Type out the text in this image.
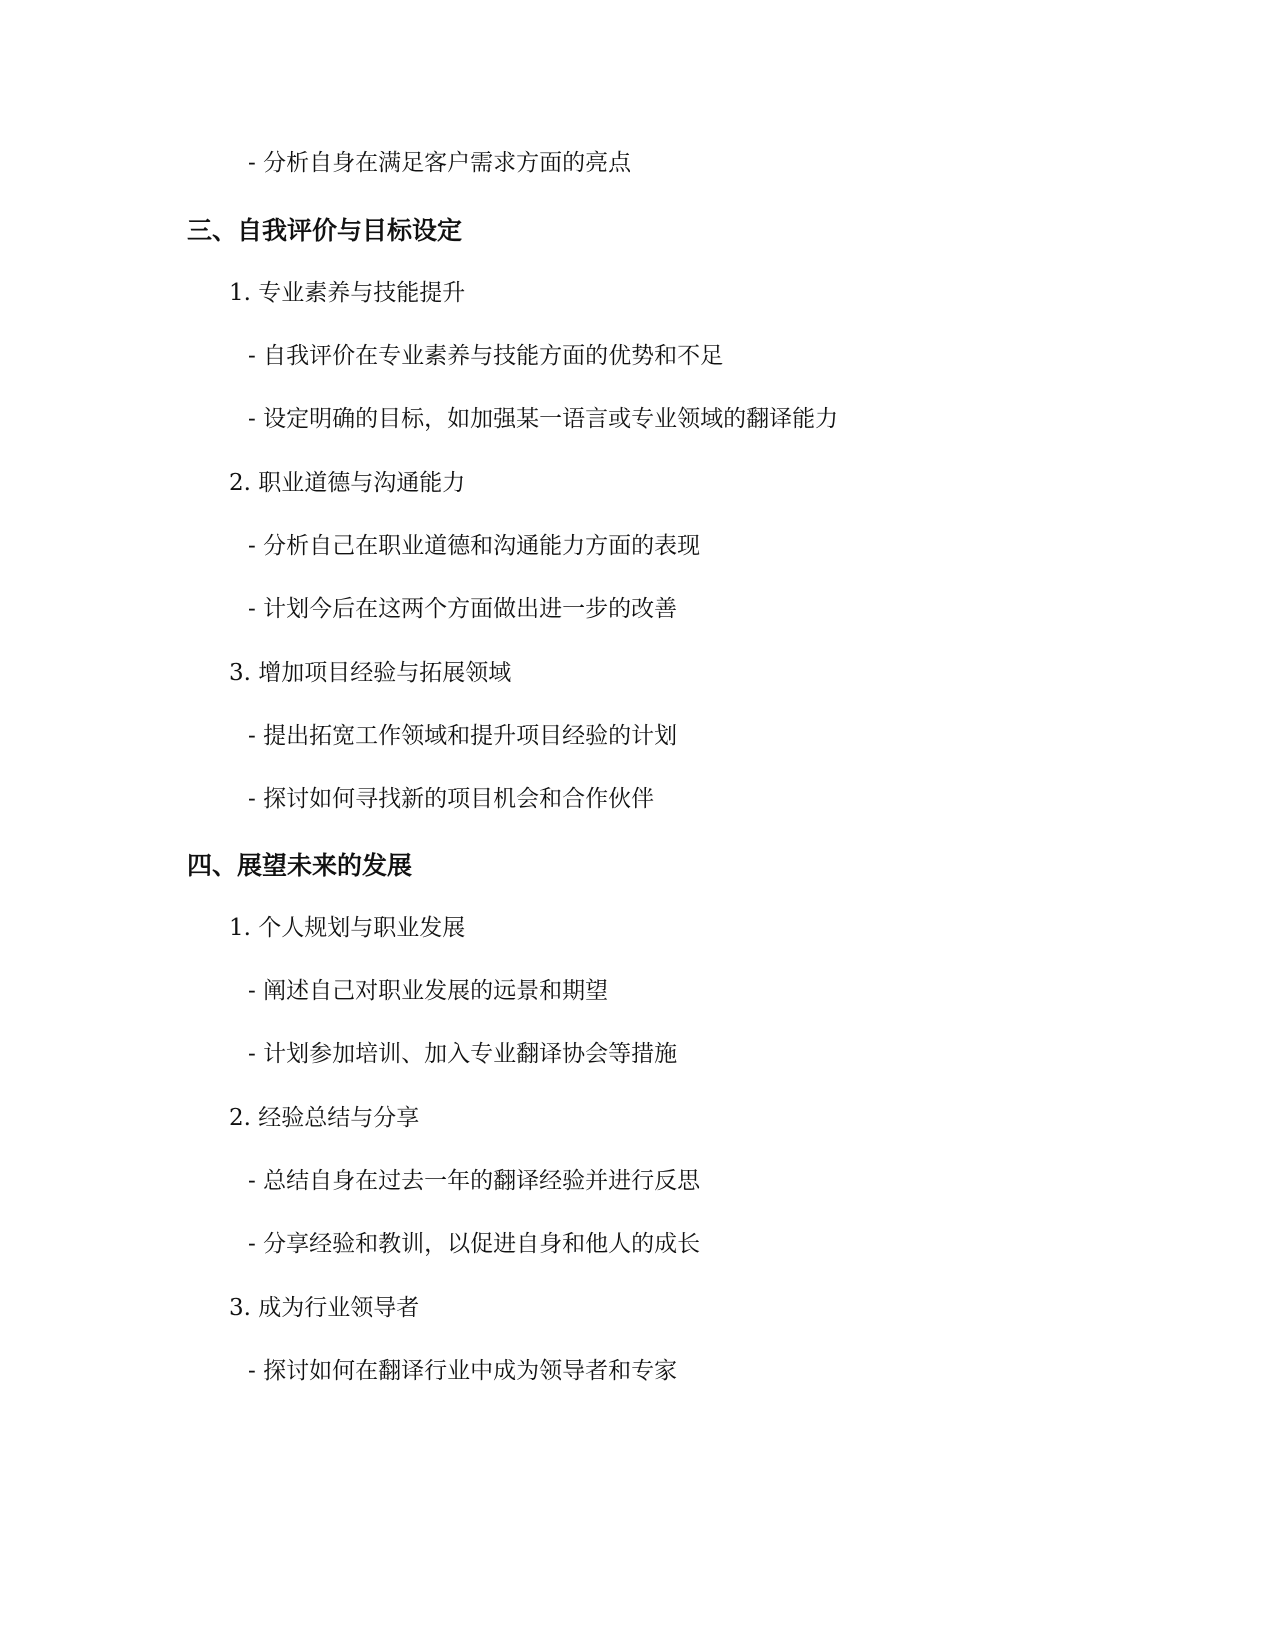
- 分析自身在满足客户需求方面的亮点
三、自我评价与目标设定
1. 专业素养与技能提升
- 自我评价在专业素养与技能方面的优势和不足
- 设定明确的目标，如加强某一语言或专业领域的翻译能力
2. 职业道德与沟通能力
- 分析自己在职业道德和沟通能力方面的表现
- 计划今后在这两个方面做出进一步的改善
3. 增加项目经验与拓展领域
- 提出拓宽工作领域和提升项目经验的计划
- 探讨如何寻找新的项目机会和合作伙伴
四、展望未来的发展
1. 个人规划与职业发展
- 阐述自己对职业发展的远景和期望
- 计划参加培训、加入专业翻译协会等措施
2. 经验总结与分享
- 总结自身在过去一年的翻译经验并进行反思
- 分享经验和教训，以促进自身和他人的成长
3. 成为行业领导者
- 探讨如何在翻译行业中成为领导者和专家
